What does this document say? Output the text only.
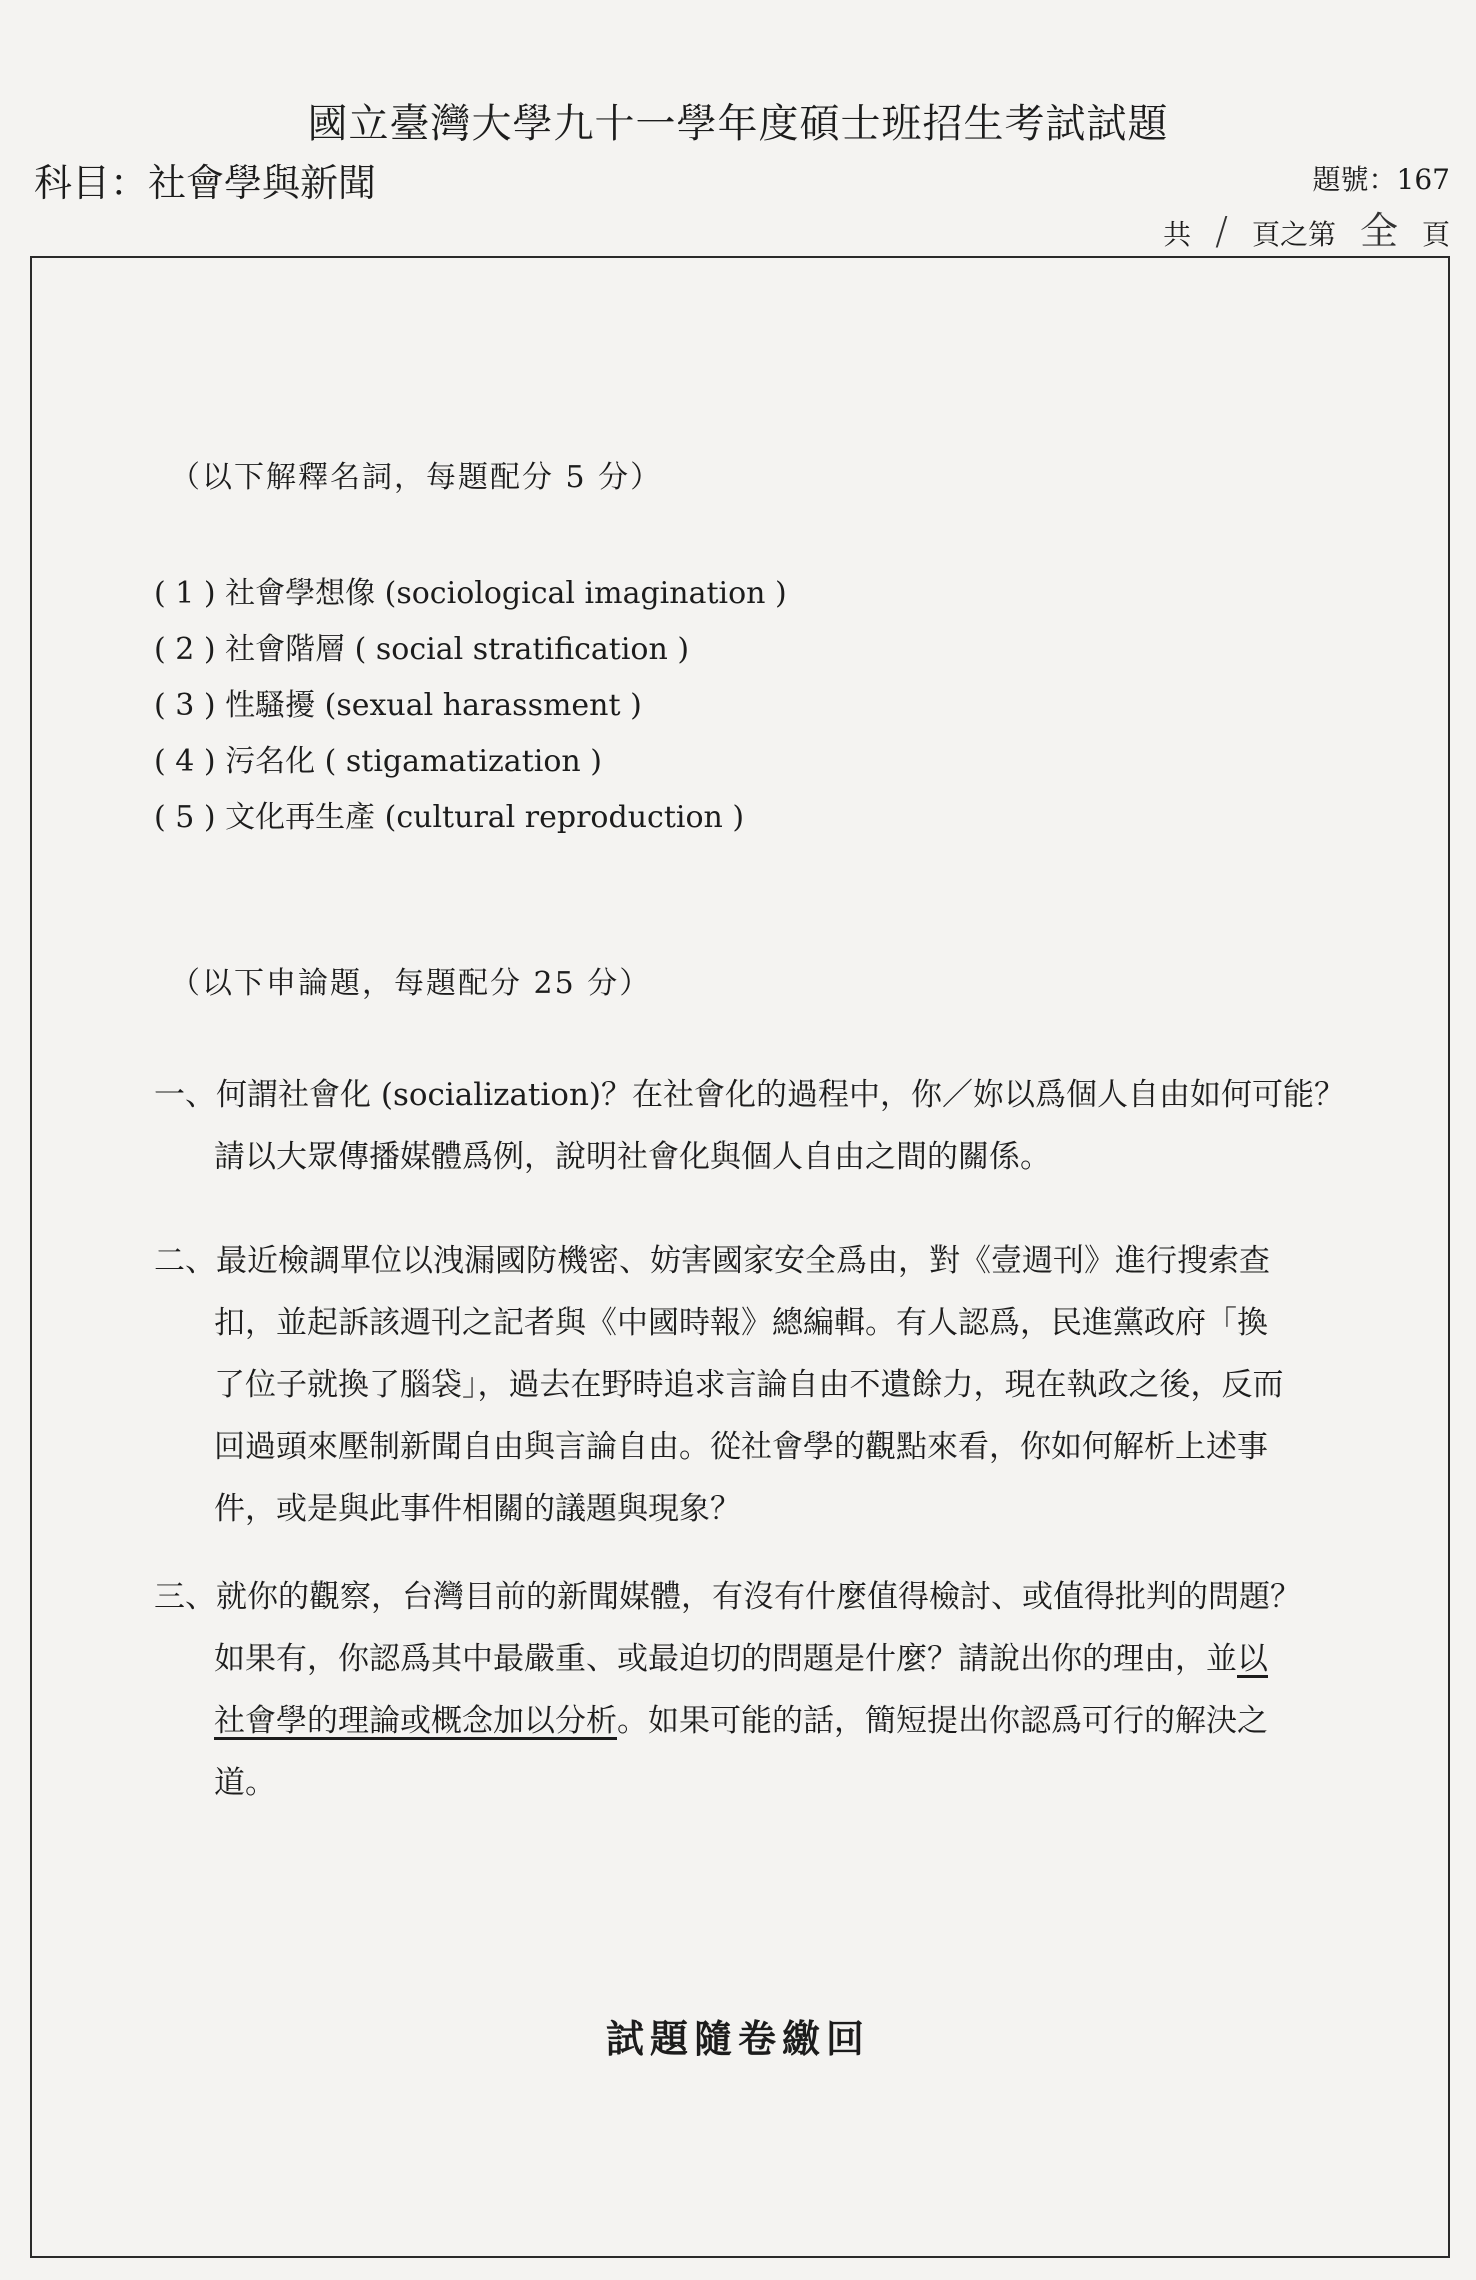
國立臺灣大學九十一學年度碩士班招生考試試題
科目：社會學與新聞	題號：167
共 / 頁之第 全 頁
（以下解釋名詞，每題配分 5 分）
( 1 ) 社會學想像 (sociological imagination )
( 2 ) 社會階層 ( social stratification )
( 3 ) 性騷擾 (sexual harassment )
( 4 ) 污名化 ( stigamatization )
( 5 ) 文化再生產 (cultural reproduction )
（以下申論題，每題配分 25 分）
一、何謂社會化 (socialization)？在社會化的過程中，你／妳以爲個人自由如何可能？
請以大眾傳播媒體爲例，說明社會化與個人自由之間的關係。
二、最近檢調單位以洩漏國防機密、妨害國家安全爲由，對《壹週刊》進行搜索查
扣，並起訴該週刊之記者與《中國時報》總編輯。有人認爲，民進黨政府「換
了位子就換了腦袋」，過去在野時追求言論自由不遺餘力，現在執政之後，反而
回過頭來壓制新聞自由與言論自由。從社會學的觀點來看，你如何解析上述事
件，或是與此事件相關的議題與現象？
三、就你的觀察，台灣目前的新聞媒體，有沒有什麼值得檢討、或值得批判的問題？
如果有，你認爲其中最嚴重、或最迫切的問題是什麼？請說出你的理由，並以
社會學的理論或概念加以分析。如果可能的話，簡短提出你認爲可行的解決之
道。
試題隨卷繳回
